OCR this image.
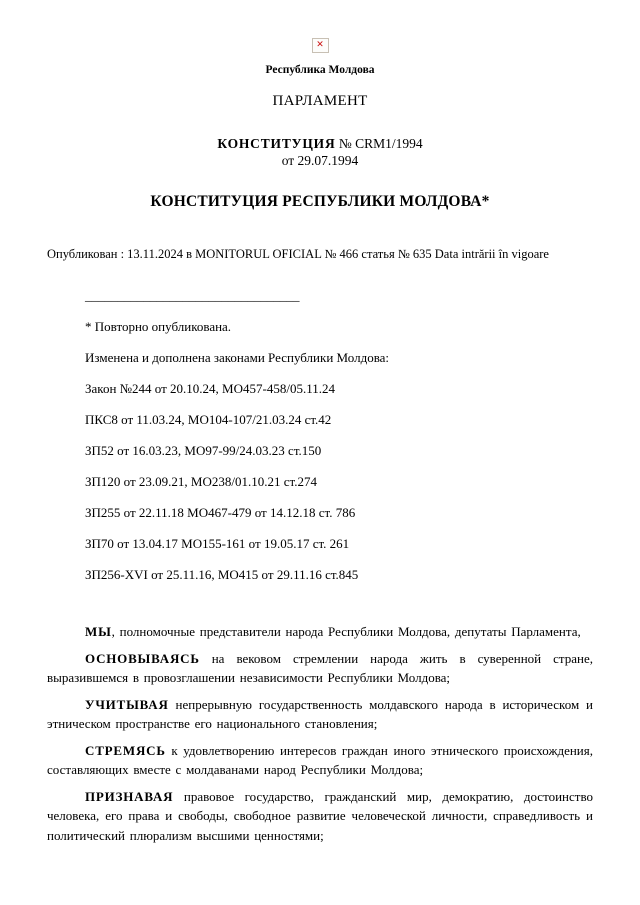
✕
Республика Молдова
ПАРЛАМЕНТ
КОНСТИТУЦИЯ № CRM1/1994
от 29.07.1994
КОНСТИТУЦИЯ РЕСПУБЛИКИ МОЛДОВА*

Опубликован : 13.11.2024 в MONITORUL OFICIAL № 466 статья № 635 Data intrării în vigoare

_________________________________

* Повторно опубликована.

Изменена и дополнена законами Республики Молдова:

Закон №244 от 20.10.24, МО457-458/05.11.24

ПКС8 от 11.03.24, МО104-107/21.03.24 ст.42

ЗП52 от 16.03.23, МО97-99/24.03.23 ст.150

ЗП120 от 23.09.21, МО238/01.10.21 ст.274

ЗП255 от 22.11.18 МО467-479 от 14.12.18 ст. 786

ЗП70 от 13.04.17 МО155-161 от 19.05.17 ст. 261

ЗП256-XVI от 25.11.16, МО415 от 29.11.16 ст.845

МЫ, полномочные представители народа Республики Молдова, депутаты Парламента,

ОСНОВЫВАЯСЬ на вековом стремлении народа жить в суверенной стране, выразившемся в провозглашении независимости Республики Молдова;

УЧИТЫВАЯ непрерывную государственность молдавского народа в историческом и этническом пространстве его национального становления;

СТРЕМЯСЬ к удовлетворению интересов граждан иного этнического происхождения, составляющих вместе с молдаванами народ Республики Молдова;

ПРИЗНАВАЯ правовое государство, гражданский мир, демократию, достоинство человека, его права и свободы, свободное развитие человеческой личности, справедливость и политический плюрализм высшими ценностями;
